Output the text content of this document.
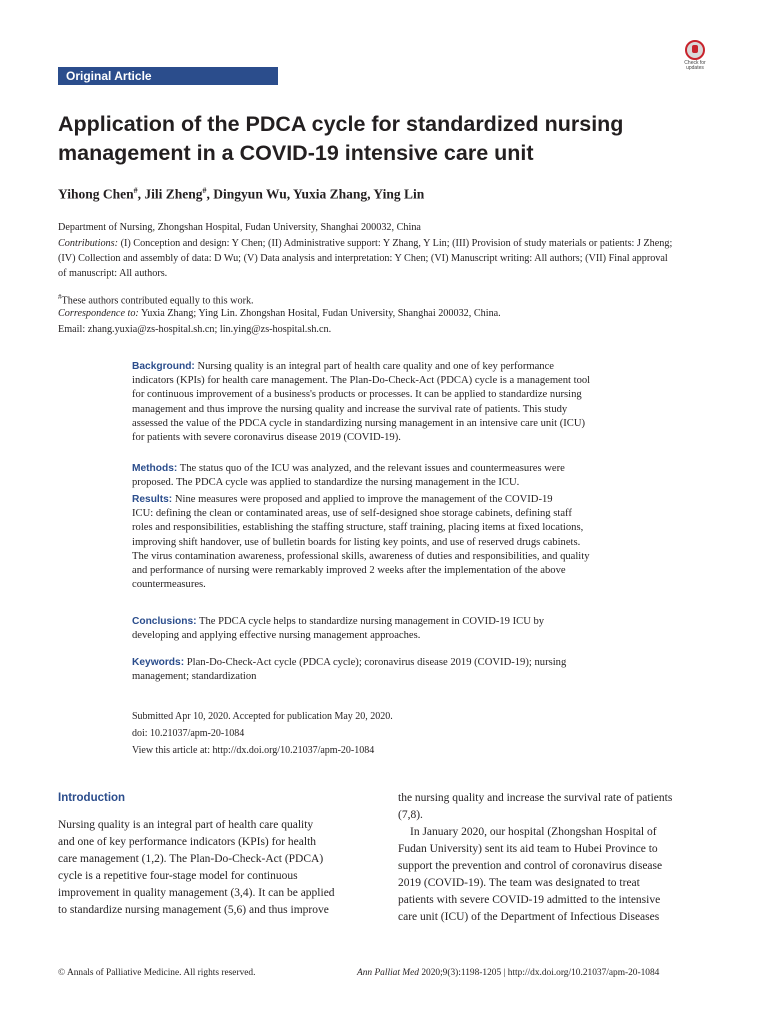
Original Article
Check for updates
Application of the PDCA cycle for standardized nursing
management in a COVID-19 intensive care unit
Yihong Chen#, Jili Zheng#, Dingyun Wu, Yuxia Zhang, Ying Lin
Department of Nursing, Zhongshan Hospital, Fudan University, Shanghai 200032, China
Contributions: (I) Conception and design: Y Chen; (II) Administrative support: Y Zhang, Y Lin; (III) Provision of study materials or patients: J Zheng;
(IV) Collection and assembly of data: D Wu; (V) Data analysis and interpretation: Y Chen; (VI) Manuscript writing: All authors; (VII) Final approval
of manuscript: All authors.
#These authors contributed equally to this work.
Correspondence to: Yuxia Zhang; Ying Lin. Zhongshan Hosital, Fudan University, Shanghai 200032, China.
Email: zhang.yuxia@zs-hospital.sh.cn; lin.ying@zs-hospital.sh.cn.
Background: Nursing quality is an integral part of health care quality and one of key performance
indicators (KPIs) for health care management. The Plan-Do-Check-Act (PDCA) cycle is a management tool
for continuous improvement of a business's products or processes. It can be applied to standardize nursing
management and thus improve the nursing quality and increase the survival rate of patients. This study
assessed the value of the PDCA cycle in standardizing nursing management in an intensive care unit (ICU)
for patients with severe coronavirus disease 2019 (COVID-19).
Methods: The status quo of the ICU was analyzed, and the relevant issues and countermeasures were
proposed. The PDCA cycle was applied to standardize the nursing management in the ICU.
Results: Nine measures were proposed and applied to improve the management of the COVID-19
ICU: defining the clean or contaminated areas, use of self-designed shoe storage cabinets, defining staff
roles and responsibilities, establishing the staffing structure, staff training, placing items at fixed locations,
improving shift handover, use of bulletin boards for listing key points, and use of reserved drugs cabinets.
The virus contamination awareness, professional skills, awareness of duties and responsibilities, and quality
and performance of nursing were remarkably improved 2 weeks after the implementation of the above
countermeasures.
Conclusions: The PDCA cycle helps to standardize nursing management in COVID-19 ICU by
developing and applying effective nursing management approaches.
Keywords: Plan-Do-Check-Act cycle (PDCA cycle); coronavirus disease 2019 (COVID-19); nursing
management; standardization
Submitted Apr 10, 2020. Accepted for publication May 20, 2020.
doi: 10.21037/apm-20-1084
View this article at: http://dx.doi.org/10.21037/apm-20-1084
Introduction
Nursing quality is an integral part of health care quality
and one of key performance indicators (KPIs) for health
care management (1,2). The Plan-Do-Check-Act (PDCA)
cycle is a repetitive four-stage model for continuous
improvement in quality management (3,4). It can be applied
to standardize nursing management (5,6) and thus improve
the nursing quality and increase the survival rate of patients
(7,8).
In January 2020, our hospital (Zhongshan Hospital of
Fudan University) sent its aid team to Hubei Province to
support the prevention and control of coronavirus disease
2019 (COVID-19). The team was designated to treat
patients with severe COVID-19 admitted to the intensive
care unit (ICU) of the Department of Infectious Diseases
© Annals of Palliative Medicine. All rights reserved.	Ann Palliat Med 2020;9(3):1198-1205 | http://dx.doi.org/10.21037/apm-20-1084
